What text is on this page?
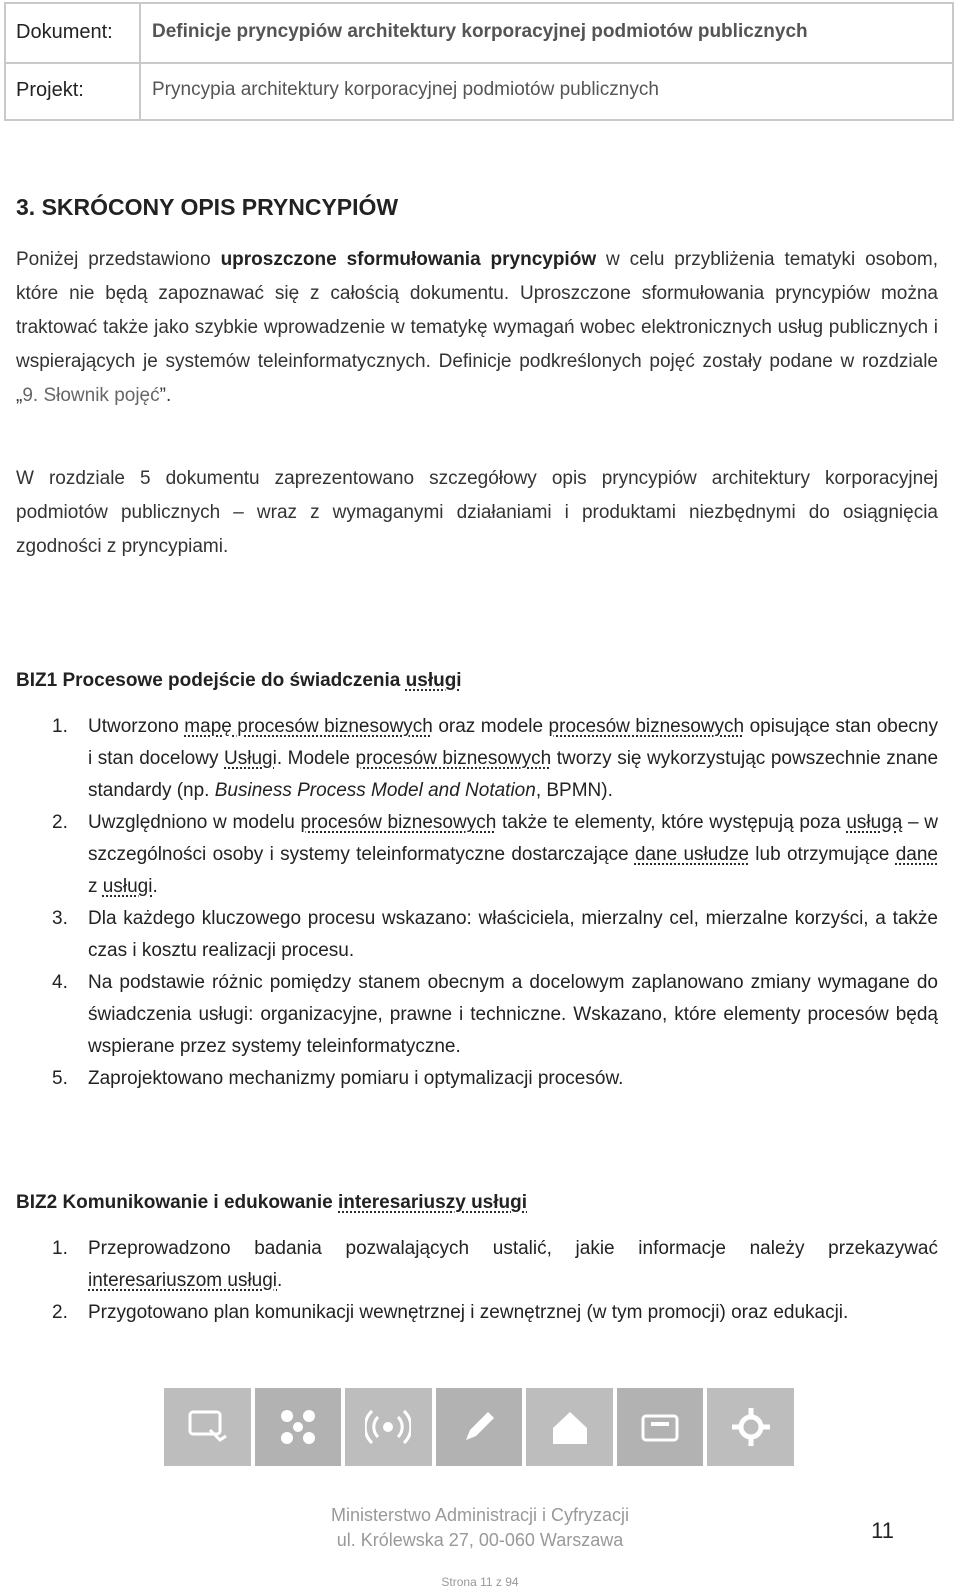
Dokument: Definicje pryncypiów architektury korporacyjnej podmiotów publicznych
Projekt:	Pryncypia architektury korporacyjnej podmiotów publicznych
3. SKRÓCONY OPIS PRYNCYPIÓW
Poniżej przedstawiono uproszczone sformułowania pryncypiów w celu przybliżenia tematyki osobom, które nie będą zapoznawać się z całością dokumentu. Uproszczone sformułowania pryncypiów można traktować także jako szybkie wprowadzenie w tematykę wymagań wobec elektronicznych usług publicznych i wspierających je systemów teleinformatycznych. Definicje podkreślonych pojęć zostały podane w rozdziale „9. Słownik pojęć”.
W rozdziale 5 dokumentu zaprezentowano szczegółowy opis pryncypiów architektury korporacyjnej podmiotów publicznych – wraz z wymaganymi działaniami i produktami niezbędnymi do osiągnięcia zgodności z pryncypiami.
BIZ1 Procesowe podejście do świadczenia usługi
1. Utworzono mapę procesów biznesowych oraz modele procesów biznesowych opisujące stan obecny i stan docelowy Usługi. Modele procesów biznesowych tworzy się wykorzystując powszechnie znane standardy (np. Business Process Model and Notation, BPMN).
2. Uwzględniono w modelu procesów biznesowych także te elementy, które występują poza usługą – w szczególności osoby i systemy teleinformatyczne dostarczające dane usłudze lub otrzymujące dane z usługi.
3. Dla każdego kluczowego procesu wskazano: właściciela, mierzalny cel, mierzalne korzyści, a także czas i kosztu realizacji procesu.
4. Na podstawie różnic pomiędzy stanem obecnym a docelowym zaplanowano zmiany wymagane do świadczenia usługi: organizacyjne, prawne i techniczne. Wskazano, które elementy procesów będą wspierane przez systemy teleinformatyczne.
5. Zaprojektowano mechanizmy pomiaru i optymalizacji procesów.
BIZ2 Komunikowanie i edukowanie interesariuszy usługi
1. Przeprowadzono badania pozwalających ustalić, jakie informacje należy przekazywać interesariuszom usługi.
2. Przygotowano plan komunikacji wewnętrznej i zewnętrznej (w tym promocji) oraz edukacji.
Ministerstwo Administracji i Cyfryzacji
ul. Królewska 27, 00-060 Warszawa	11
Strona 11 z 94
